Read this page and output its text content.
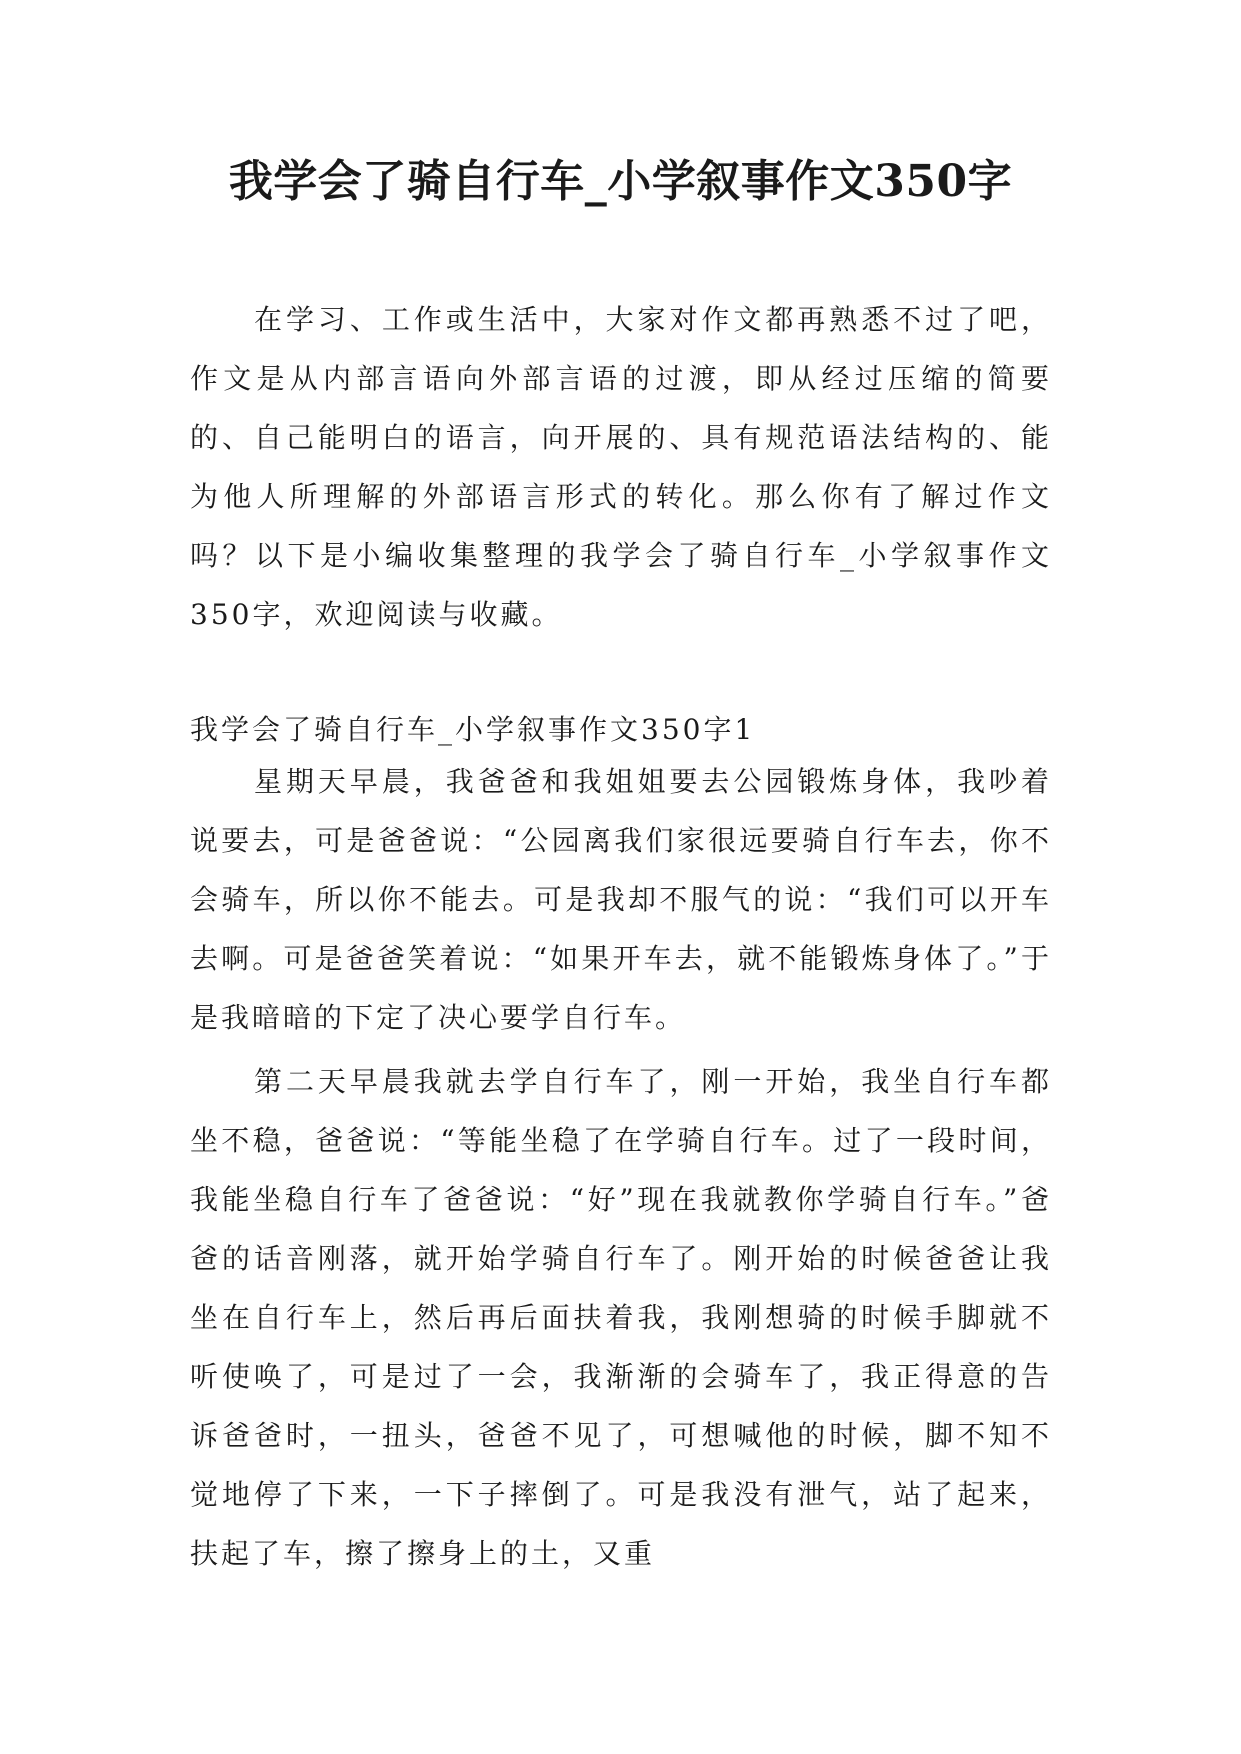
我学会了骑自行车_小学叙事作文350字

在学习、工作或生活中，大家对作文都再熟悉不过了吧，作文是从内部言语向外部言语的过渡，即从经过压缩的简要的、自己能明白的语言，向开展的、具有规范语法结构的、能为他人所理解的外部语言形式的转化。那么你有了解过作文吗？以下是小编收集整理的我学会了骑自行车_小学叙事作文350字，欢迎阅读与收藏。

我学会了骑自行车_小学叙事作文350字1

星期天早晨，我爸爸和我姐姐要去公园锻炼身体，我吵着说要去，可是爸爸说：“公园离我们家很远要骑自行车去，你不会骑车，所以你不能去。可是我却不服气的说：“我们可以开车去啊。可是爸爸笑着说：“如果开车去，就不能锻炼身体了。”于是我暗暗的下定了决心要学自行车。

第二天早晨我就去学自行车了，刚一开始，我坐自行车都坐不稳，爸爸说：“等能坐稳了在学骑自行车。过了一段时间，我能坐稳自行车了爸爸说：“好”现在我就教你学骑自行车。”爸爸的话音刚落，就开始学骑自行车了。刚开始的时候爸爸让我坐在自行车上，然后再后面扶着我，我刚想骑的时候手脚就不听使唤了，可是过了一会，我渐渐的会骑车了，我正得意的告诉爸爸时，一扭头，爸爸不见了，可想喊他的时候，脚不知不觉地停了下来，一下子摔倒了。可是我没有泄气，站了起来，扶起了车，擦了擦身上的土，又重
